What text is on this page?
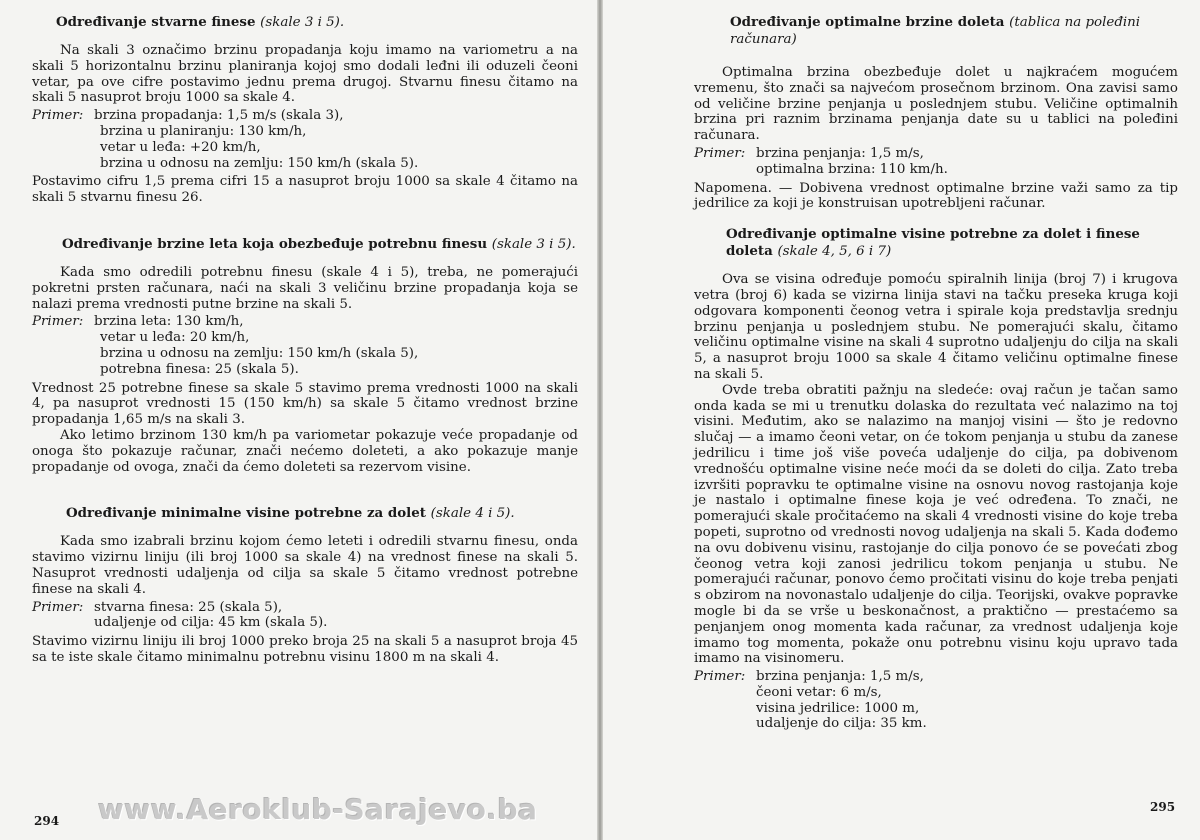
Određivanje stvarne finese (skale 3 i 5).

Na skali 3 označimo brzinu propadanja koju imamo na variometru a na skali 5 horizontalnu brzinu planiranja kojoj smo dodali leđni ili oduzeli čeoni vetar, pa ove cifre postavimo jednu prema drugoj. Stvarnu finesu čitamo na skali 5 nasuprot broju 1000 sa skale 4.

Primer: brzina propadanja: 1,5 m/s (skala 3),
brzina u planiranju: 130 km/h,
vetar u leđa: +20 km/h,
brzina u odnosu na zemlju: 150 km/h (skala 5).

Postavimo cifru 1,5 prema cifri 15 a nasuprot broju 1000 sa skale 4 čitamo na skali 5 stvarnu finesu 26.

Određivanje brzine leta koja obezbeđuje potrebnu finesu (skale 3 i 5).

Kada smo odredili potrebnu finesu (skale 4 i 5), treba, ne pomerajući pokretni prsten računara, naći na skali 3 veličinu brzine propadanja koja se nalazi prema vrednosti putne brzine na skali 5.

Primer: brzina leta: 130 km/h,
vetar u leđa: 20 km/h,
brzina u odnosu na zemlju: 150 km/h (skala 5),
potrebna finesa: 25 (skala 5).

Vrednost 25 potrebne finese sa skale 5 stavimo prema vrednosti 1000 na skali 4, pa nasuprot vrednosti 15 (150 km/h) sa skale 5 čitamo vrednost brzine propadanja 1,65 m/s na skali 3.

Ako letimo brzinom 130 km/h pa variometar pokazuje veće propadanje od onoga što pokazuje računar, znači nećemo doleteti, a ako pokazuje manje propadanje od ovoga, znači da ćemo doleteti sa rezervom visine.

Određivanje minimalne visine potrebne za dolet (skale 4 i 5).

Kada smo izabrali brzinu kojom ćemo leteti i odredili stvarnu finesu, onda stavimo vizirnu liniju (ili broj 1000 sa skale 4) na vrednost finese na skali 5. Nasuprot vrednosti udaljenja od cilja sa skale 5 čitamo vrednost potrebne finese na skali 4.

Primer: stvarna finesa: 25 (skala 5),
udaljenje od cilja: 45 km (skala 5).

Stavimo vizirnu liniju ili broj 1000 preko broja 25 na skali 5 a nasuprot broja 45 sa te iste skale čitamo minimalnu potrebnu visinu 1800 m na skali 4.

Određivanje optimalne brzine doleta (tablica na poleđini računara)

Optimalna brzina obezbeđuje dolet u najkraćem mogućem vremenu, što znači sa najvećom prosečnom brzinom. Ona zavisi samo od veličine brzine penjanja u poslednjem stubu. Veličine optimalnih brzina pri raznim brzinama penjanja date su u tablici na poleđini računara.

Primer: brzina penjanja: 1,5 m/s,
optimalna brzina: 110 km/h.

Napomena. — Dobivena vrednost optimalne brzine važi samo za tip jedrilice za koji je konstruisan upotrebljeni računar.

Određivanje optimalne visine potrebne za dolet i finese doleta (skale 4, 5, 6 i 7)

Ova se visina određuje pomoću spiralnih linija (broj 7) i krugova vetra (broj 6) kada se vizirna linija stavi na tačku preseka kruga koji odgovara komponenti čeonog vetra i spirale koja predstavlja srednju brzinu penjanja u poslednjem stubu. Ne pomerajući skalu, čitamo veličinu optimalne visine na skali 4 suprotno udaljenju do cilja na skali 5, a nasuprot broju 1000 sa skale 4 čitamo veličinu optimalne finese na skali 5.

Ovde treba obratiti pažnju na sledeće: ovaj račun je tačan samo onda kada se mi u trenutku dolaska do rezultata već nalazimo na toj visini. Međutim, ako se nalazimo na manjoj visini — što je redovno slučaj — a imamo čeoni vetar, on će tokom penjanja u stubu da zanese jedrilicu i time još više poveća udaljenje do cilja, pa dobivenom vrednošću optimalne visine neće moći da se doleti do cilja. Zato treba izvršiti popravku te optimalne visine na osnovu novog rastojanja koje je nastalo i optimalne finese koja je već određena. To znači, ne pomerajući skale pročitaćemo na skali 4 vrednosti visine do koje treba popeti, suprotno od vrednosti novog udaljenja na skali 5. Kada dođemo na ovu dobivenu visinu, rastojanje do cilja ponovo će se povećati zbog čeonog vetra koji zanosi jedrilicu tokom penjanja u stubu. Ne pomerajući računar, ponovo ćemo pročitati visinu do koje treba penjati s obzirom na novonastalo udaljenje do cilja. Teorijski, ovakve popravke mogle bi da se vrše u beskonačnost, a praktično — prestaćemo sa penjanjem onog momenta kada računar, za vrednost udaljenja koje imamo tog momenta, pokaže onu potrebnu visinu koju upravo tada imamo na visinomeru.

Primer: brzina penjanja: 1,5 m/s,
čeoni vetar: 6 m/s,
visina jedrilice: 1000 m,
udaljenje do cilja: 35 km.
294
295
www.Aeroklub-Sarajevo.ba
